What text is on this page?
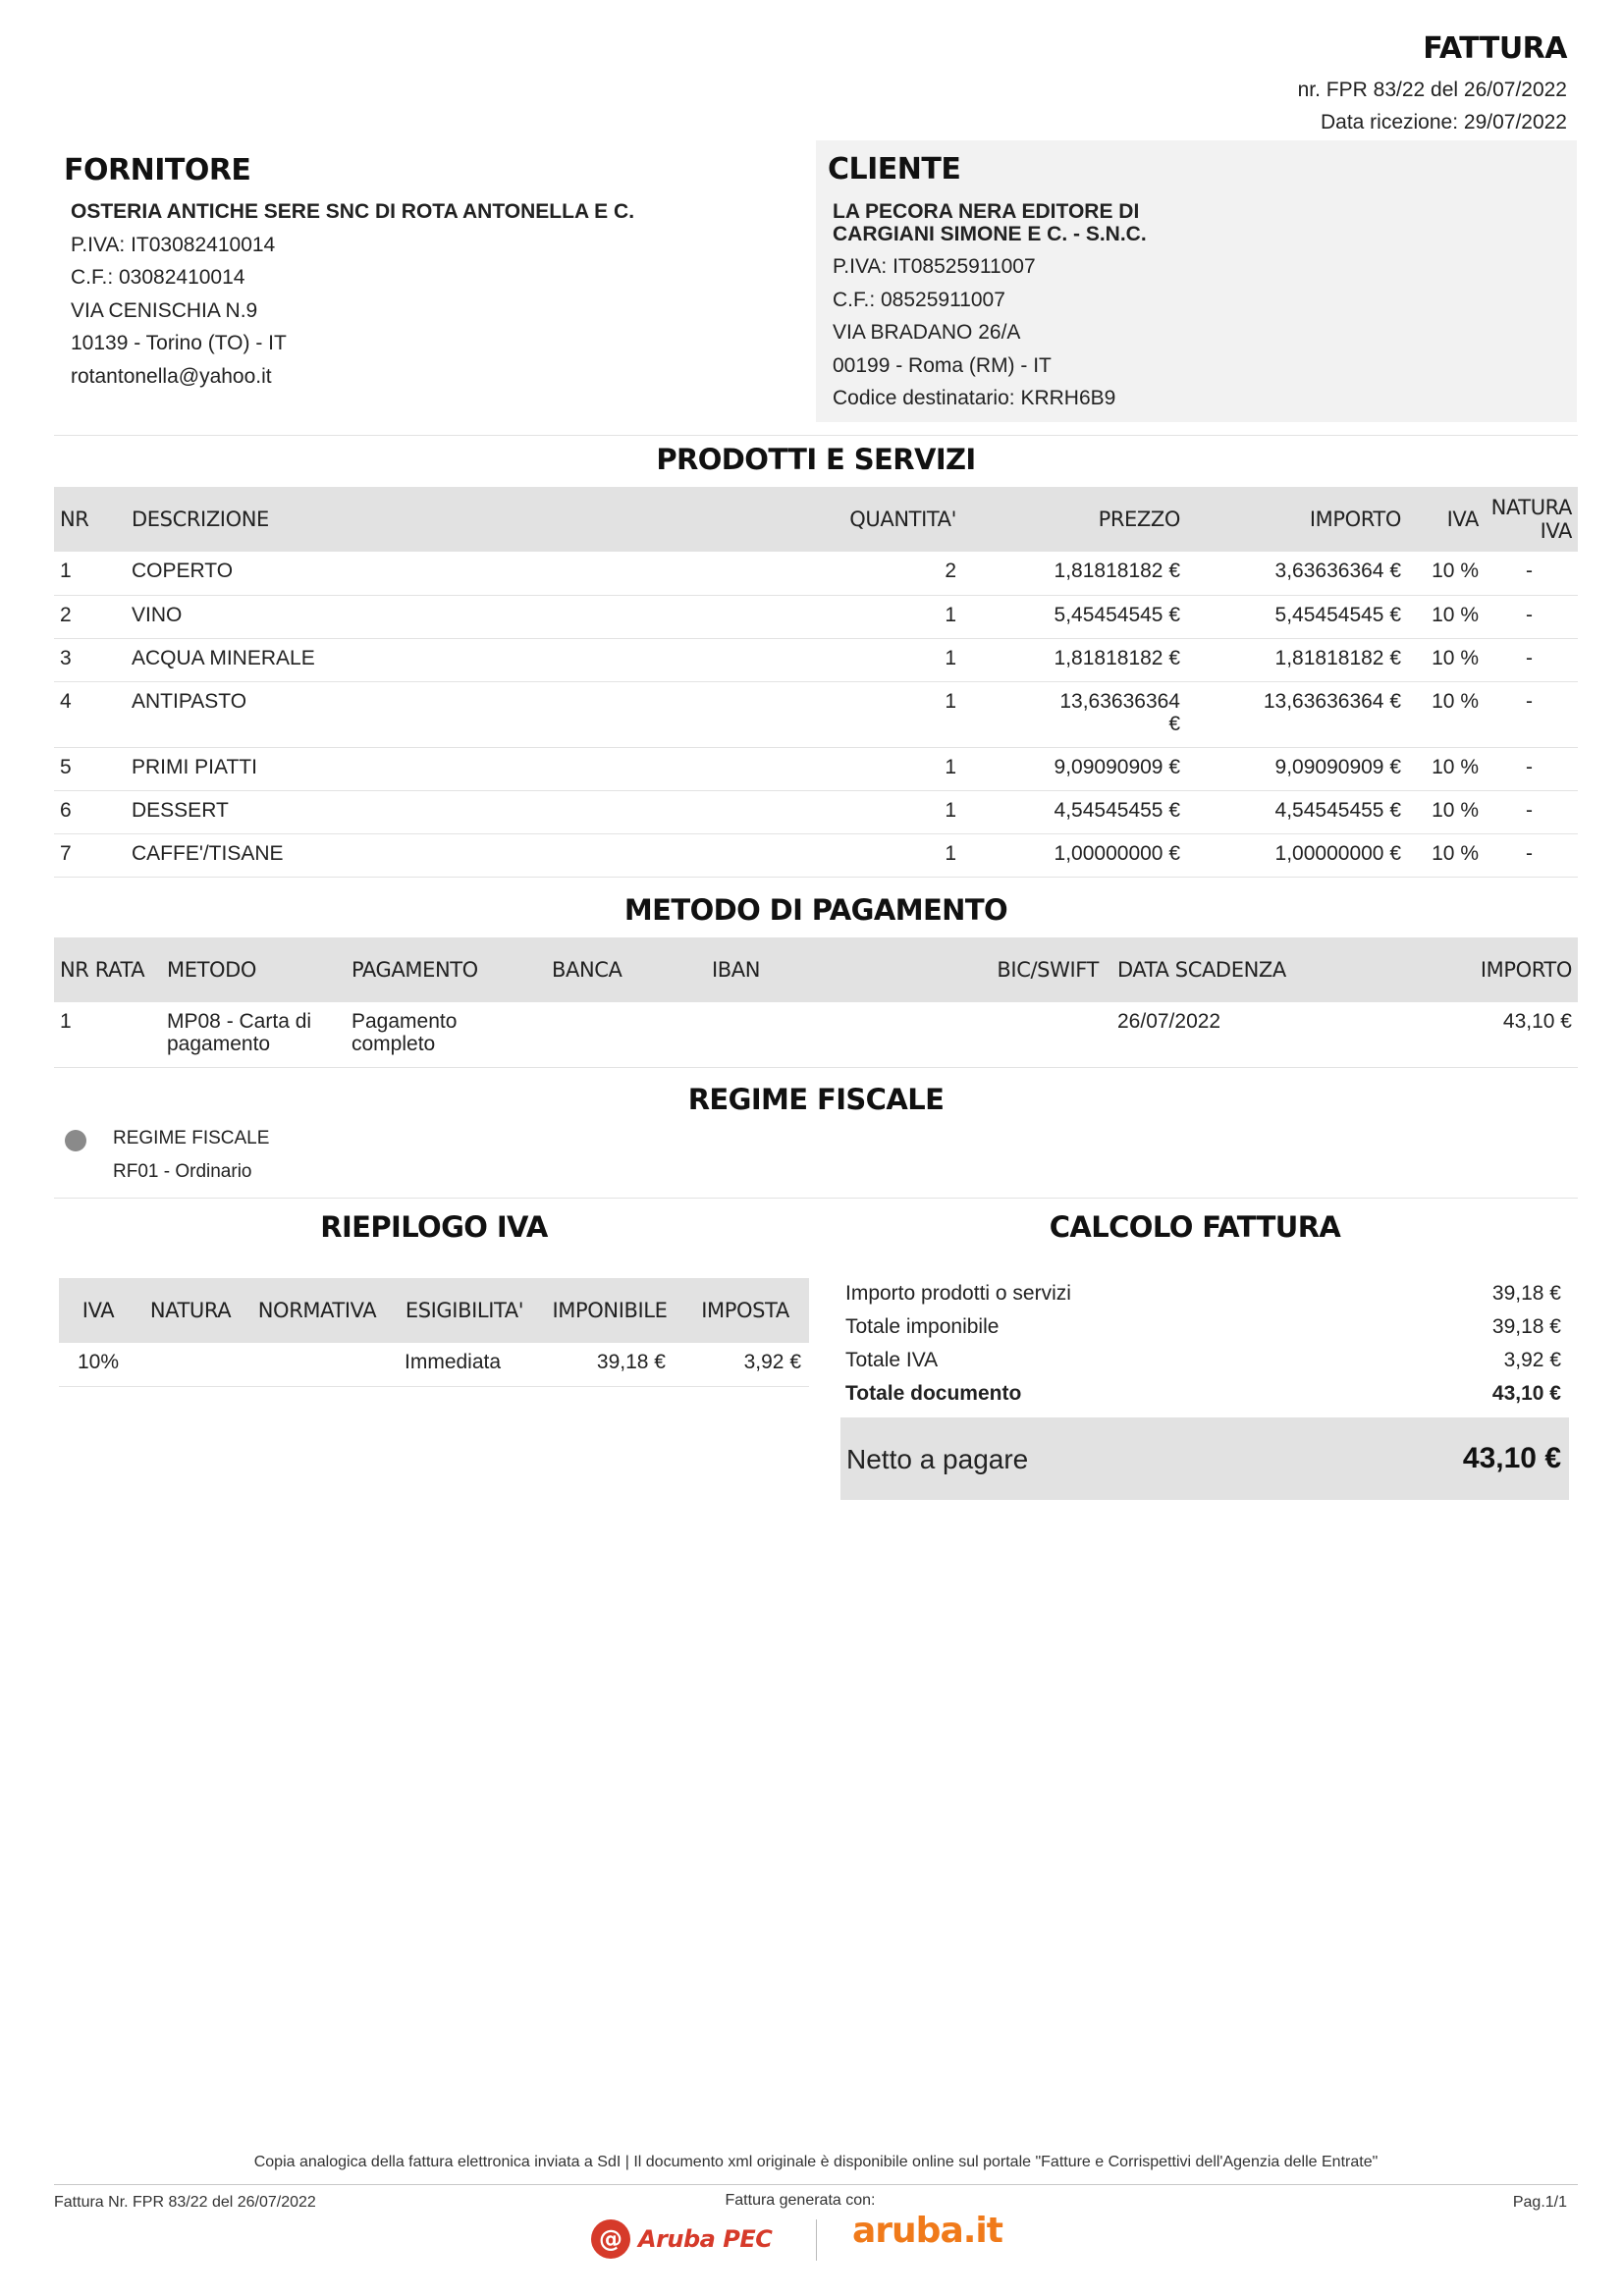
FATTURA
nr. FPR 83/22 del 26/07/2022
Data ricezione: 29/07/2022
FORNITORE
OSTERIA ANTICHE SERE SNC DI ROTA ANTONELLA E C.
P.IVA: IT03082410014
C.F.: 03082410014
VIA CENISCHIA N.9
10139 - Torino (TO) - IT
rotantonella@yahoo.it
CLIENTE
LA PECORA NERA EDITORE DI
CARGIANI SIMONE E C. - S.N.C.
P.IVA: IT08525911007
C.F.: 08525911007
VIA BRADANO 26/A
00199 - Roma (RM) - IT
Codice destinatario: KRRH6B9
PRODOTTI E SERVIZI
NR	DESCRIZIONE	QUANTITA'	PREZZO	IMPORTO	IVA	NATURA IVA
1	COPERTO	2	1,81818182 €	3,63636364 €	10 %	-
2	VINO	1	5,45454545 €	5,45454545 €	10 %	-
3	ACQUA MINERALE	1	1,81818182 €	1,81818182 €	10 %	-
4	ANTIPASTO	1	13,63636364 €	13,63636364 €	10 %	-
5	PRIMI PIATTI	1	9,09090909 €	9,09090909 €	10 %	-
6	DESSERT	1	4,54545455 €	4,54545455 €	10 %	-
7	CAFFE'/TISANE	1	1,00000000 €	1,00000000 €	10 %	-
METODO DI PAGAMENTO
NR RATA	METODO	PAGAMENTO	BANCA	IBAN	BIC/SWIFT	DATA SCADENZA	IMPORTO
1	MP08 - Carta di pagamento	Pagamento completo				26/07/2022	43,10 €
REGIME FISCALE
REGIME FISCALE
RF01 - Ordinario
RIEPILOGO IVA
IVA	NATURA	NORMATIVA	ESIGIBILITA'	IMPONIBILE	IMPOSTA
10%			Immediata	39,18 €	3,92 €
CALCOLO FATTURA
Importo prodotti o servizi	39,18 €
Totale imponibile	39,18 €
Totale IVA	3,92 €
Totale documento	43,10 €
Netto a pagare	43,10 €
Copia analogica della fattura elettronica inviata a SdI | Il documento xml originale è disponibile online sul portale "Fatture e Corrispettivi dell'Agenzia delle Entrate"
Fattura Nr. FPR 83/22 del 26/07/2022	Fattura generata con:	Pag.1/1
@ Aruba PEC aruba.it
